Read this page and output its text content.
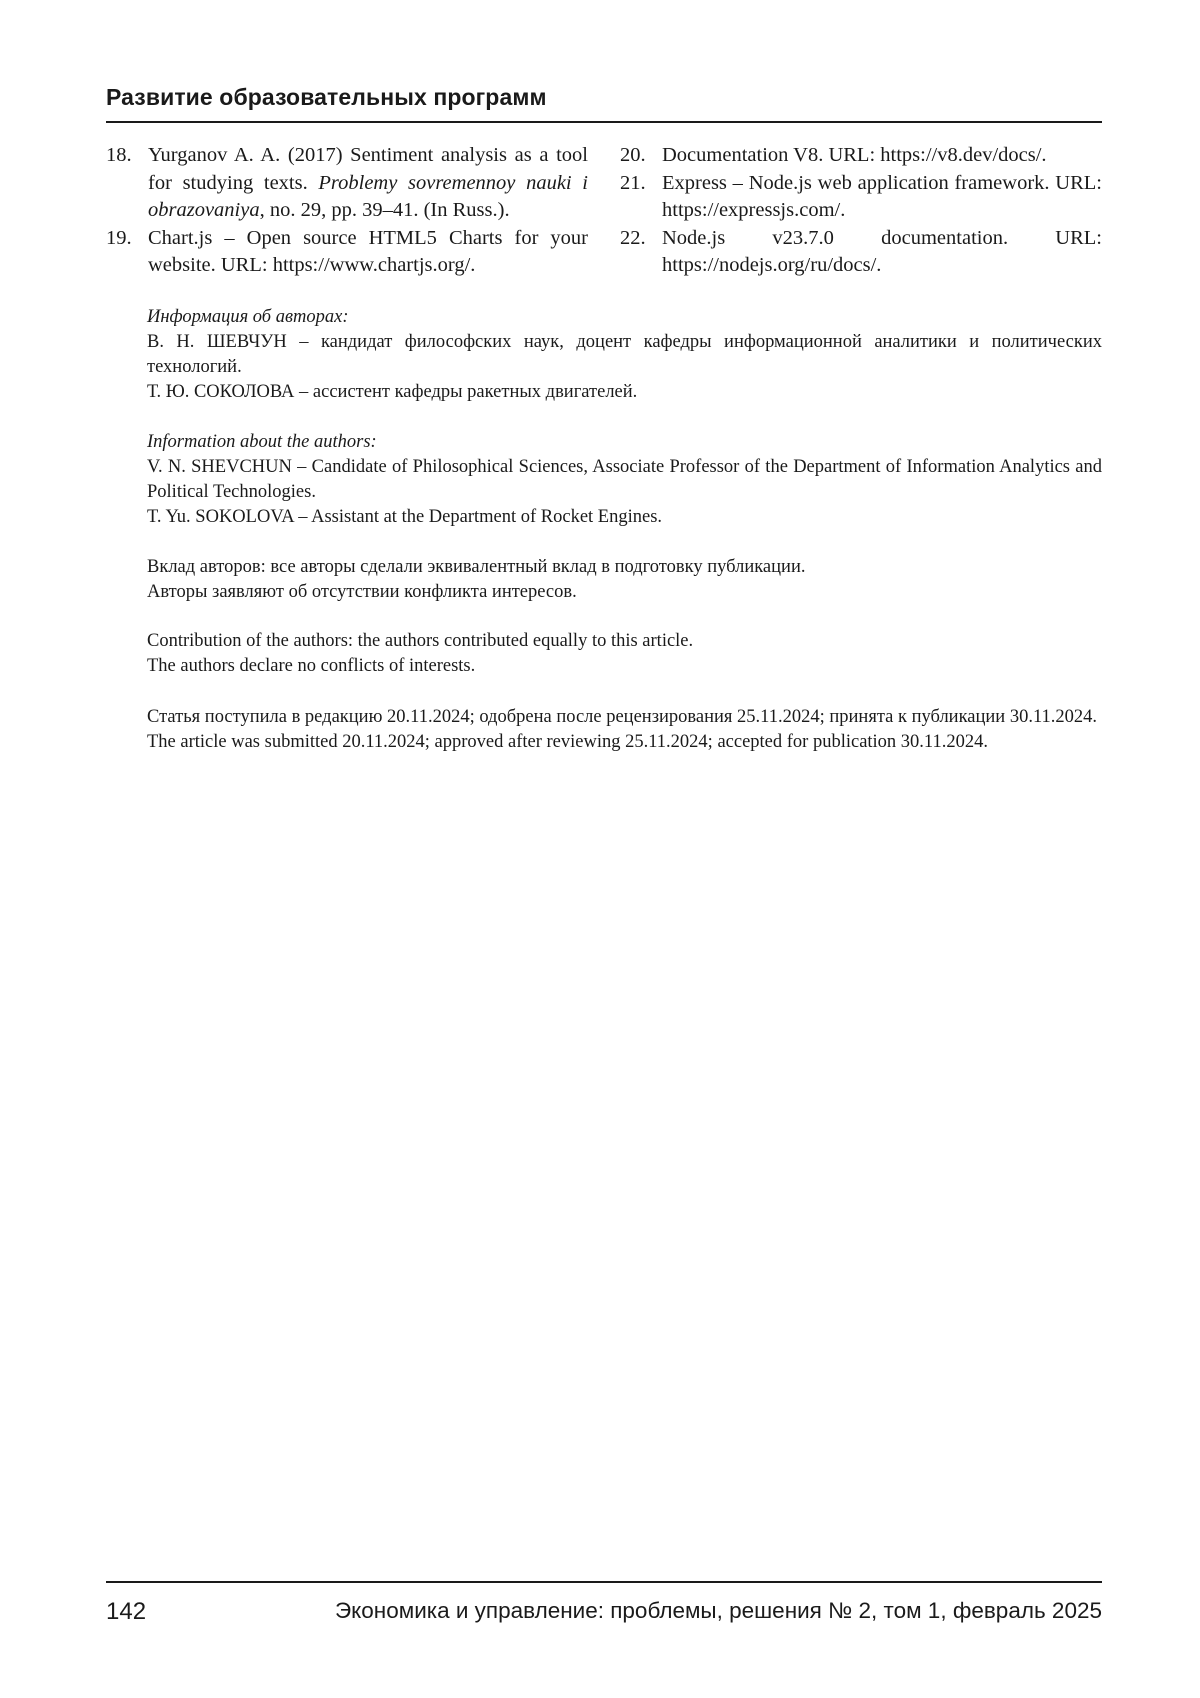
Развитие образовательных программ

18. Yurganov A. A. (2017) Sentiment analysis as a tool for studying texts. Problemy sovremennoy nauki i obrazovaniya, no. 29, pp. 39–41. (In Russ.).

19. Chart.js – Open source HTML5 Charts for your website. URL: https://www.chartjs.org/.

20. Documentation V8. URL: https://v8.dev/docs/.

21. Express – Node.js web application framework. URL: https://expressjs.com/.

22. Node.js v23.7.0 documentation. URL: https://nodejs.org/ru/docs/.

Информация об авторах:

В. Н. ШЕВЧУН – кандидат философских наук, доцент кафедры информационной аналитики и политических технологий.

Т. Ю. СОКОЛОВА – ассистент кафедры ракетных двигателей.

Information about the authors:

V. N. SHEVCHUN – Candidate of Philosophical Sciences, Associate Professor of the Department of Information Analytics and Political Technologies.

T. Yu. SOKOLOVA – Assistant at the Department of Rocket Engines.

Вклад авторов: все авторы сделали эквивалентный вклад в подготовку публикации.

Авторы заявляют об отсутствии конфликта интересов.

Contribution of the authors: the authors contributed equally to this article.

The authors declare no conflicts of interests.

Статья поступила в редакцию 20.11.2024; одобрена после рецензирования 25.11.2024; принята к публикации 30.11.2024.

The article was submitted 20.11.2024; approved after reviewing 25.11.2024; accepted for publication 30.11.2024.

142	Экономика и управление: проблемы, решения № 2, том 1, февраль 2025
